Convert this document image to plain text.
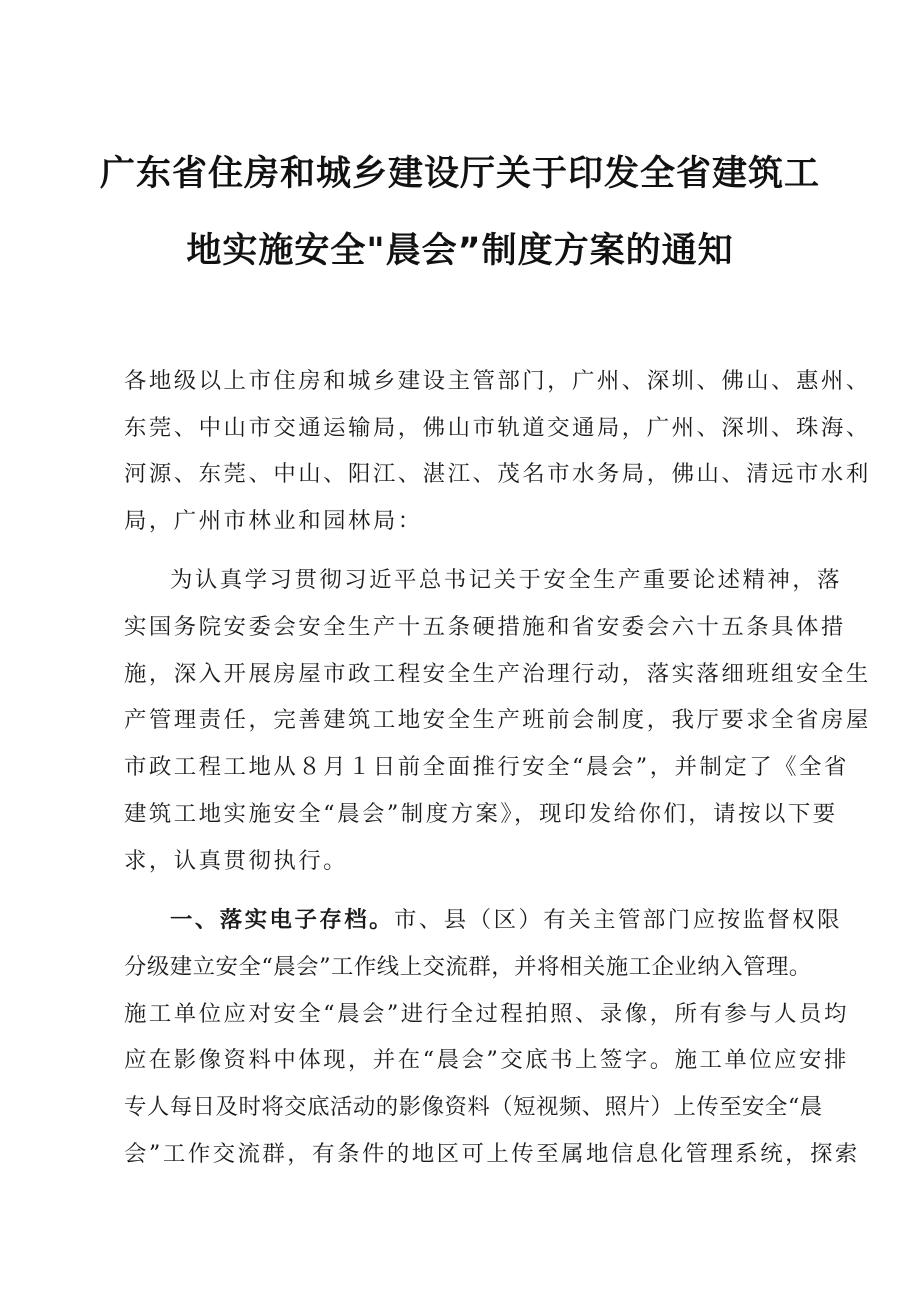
广东省住房和城乡建设厅关于印发全省建筑工
地实施安全"晨会”制度方案的通知

各地级以上市住房和城乡建设主管部门，广州、深圳、佛山、惠州、

东莞、中山市交通运输局，佛山市轨道交通局，广州、深圳、珠海、

河源、东莞、中山、阳江、湛江、茂名市水务局，佛山、清远市水利

局，广州市林业和园林局：

为认真学习贯彻习近平总书记关于安全生产重要论述精神，落

实国务院安委会安全生产十五条硬措施和省安委会六十五条具体措

施，深入开展房屋市政工程安全生产治理行动，落实落细班组安全生

产管理责任，完善建筑工地安全生产班前会制度，我厅要求全省房屋

市政工程工地从８月１日前全面推行安全“晨会”，并制定了《全省

建筑工地实施安全“晨会”制度方案》，现印发给你们，请按以下要

求，认真贯彻执行。

一、落实电子存档。市、县（区）有关主管部门应按监督权限

分级建立安全“晨会”工作线上交流群，并将相关施工企业纳入管理。

施工单位应对安全“晨会”进行全过程拍照、录像，所有参与人员均

应在影像资料中体现，并在“晨会”交底书上签字。施工单位应安排

专人每日及时将交底活动的影像资料（短视频、照片）上传至安全“晨

会”工作交流群，有条件的地区可上传至属地信息化管理系统，探索
